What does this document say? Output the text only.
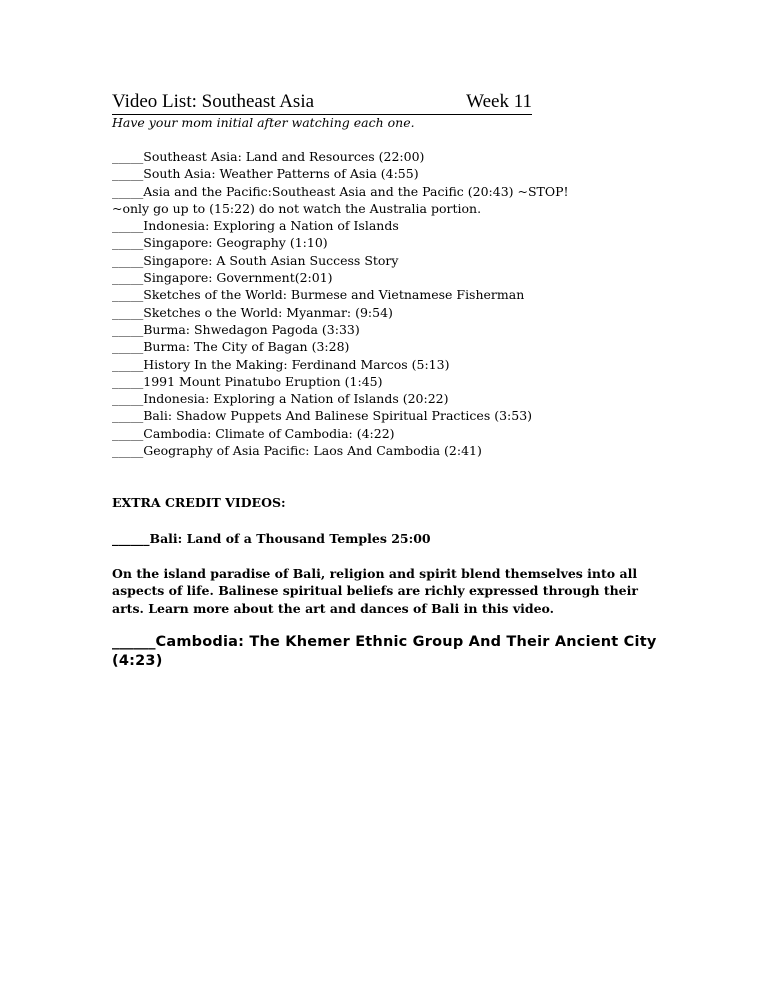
Video List: Southeast Asia	Week 11
Have your mom initial after watching each one.
_____Southeast Asia: Land and Resources (22:00)
_____South Asia: Weather Patterns of Asia (4:55)
_____Asia and the Pacific:Southeast Asia and the Pacific (20:43) ~STOP!
~only go up to (15:22) do not watch the Australia portion.
_____Indonesia: Exploring a Nation of Islands
_____Singapore: Geography (1:10)
_____Singapore: A South Asian Success Story
_____Singapore: Government(2:01)
_____Sketches of the World: Burmese and Vietnamese Fisherman
_____Sketches o the World: Myanmar: (9:54)
_____Burma: Shwedagon Pagoda (3:33)
_____Burma: The City of Bagan (3:28)
_____History In the Making: Ferdinand Marcos (5:13)
_____1991 Mount Pinatubo Eruption (1:45)
_____Indonesia: Exploring a Nation of Islands (20:22)
_____Bali: Shadow Puppets And Balinese Spiritual Practices (3:53)
_____Cambodia: Climate of Cambodia: (4:22)
_____Geography of Asia Pacific: Laos And Cambodia (2:41)
EXTRA CREDIT VIDEOS:
______Bali: Land of a Thousand Temples 25:00
On the island paradise of Bali, religion and spirit blend themselves into all aspects of life. Balinese spiritual beliefs are richly expressed through their arts. Learn more about the art and dances of Bali in this video.
______Cambodia: The Khemer Ethnic Group And Their Ancient City (4:23)
